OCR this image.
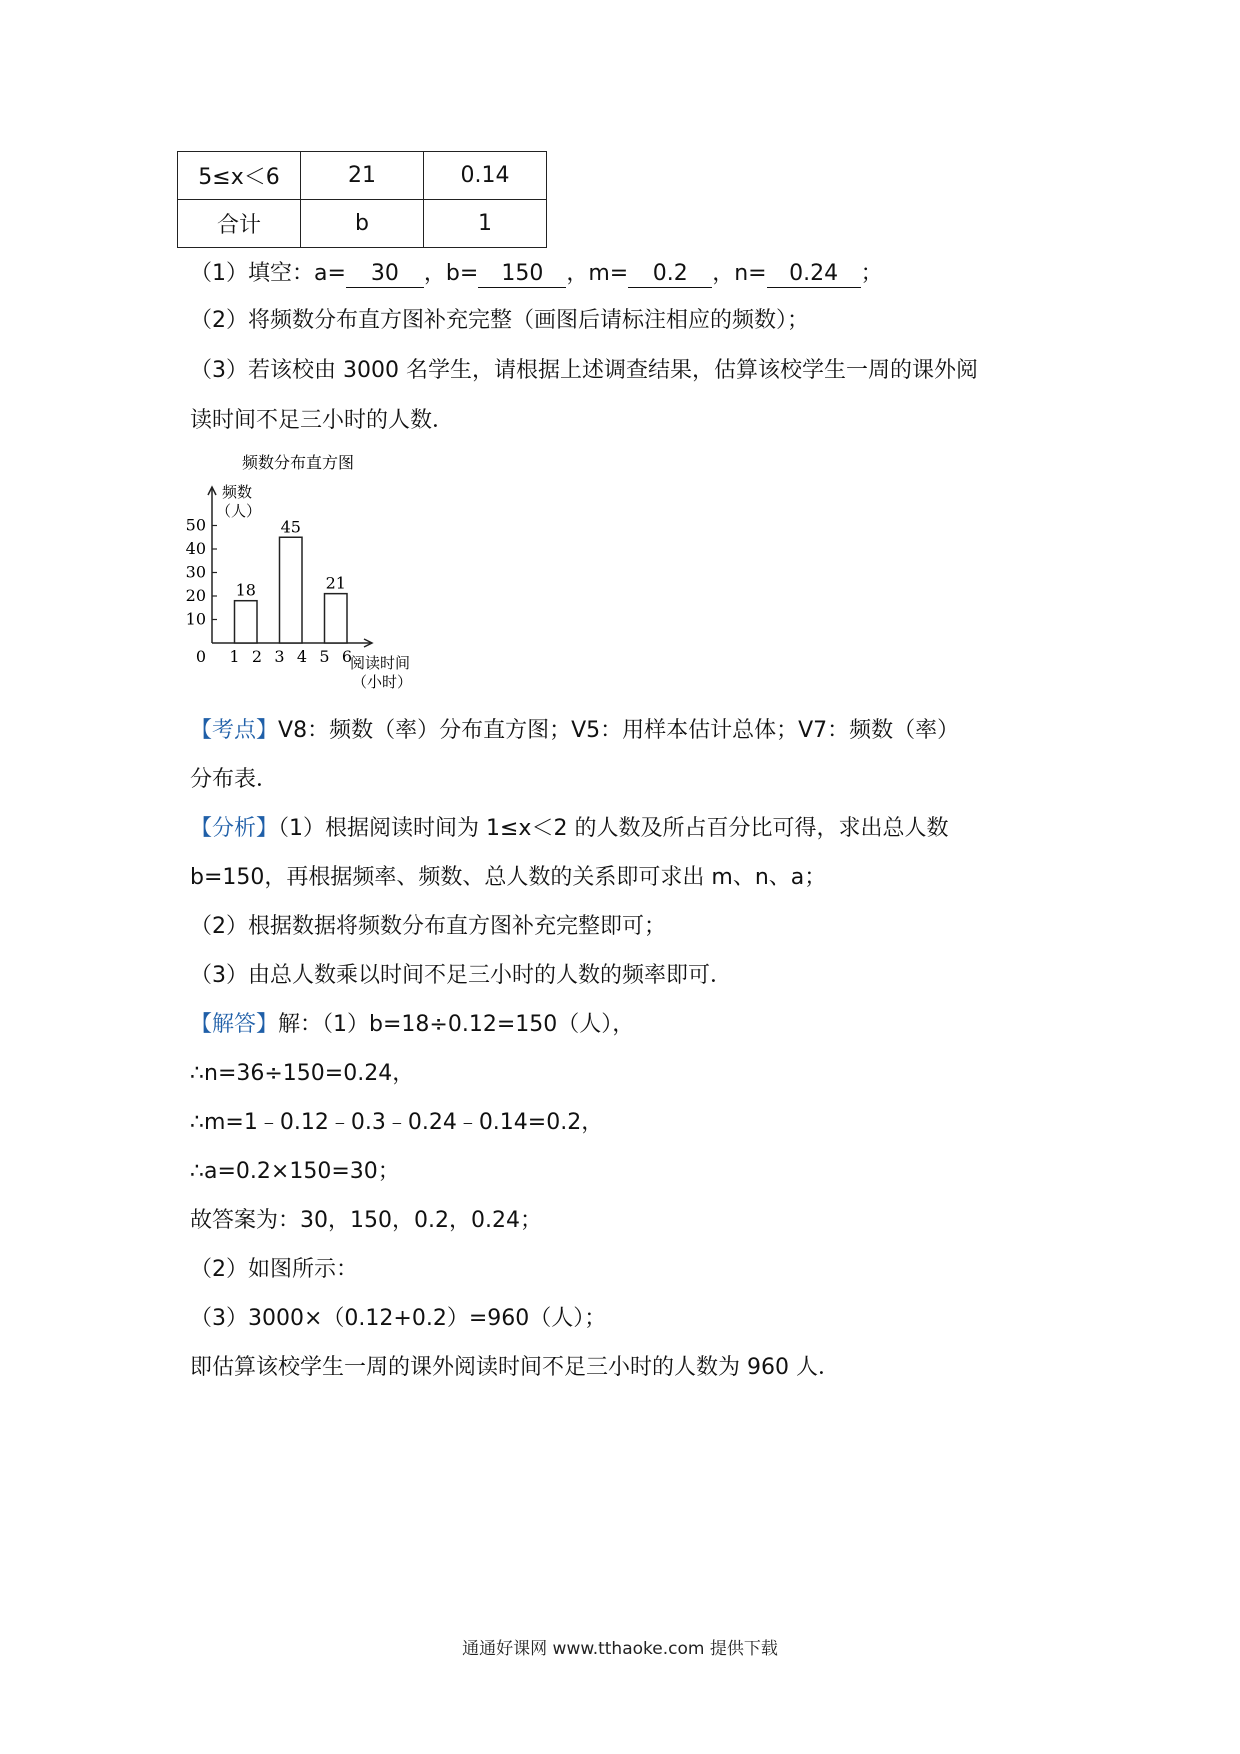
5≤x＜6	21	0.14
合计	b	1
（1）填空：a= 30 ，b= 150 ，m= 0.2 ，n= 0.24 ；
（2）将频数分布直方图补充完整（画图后请标注相应的频数）；
（3）若该校由 3000 名学生，请根据上述调查结果，估算该校学生一周的课外阅
读时间不足三小时的人数．
频数分布直方图
频数
（人）
阅读时间
（小时）
0
10
20
30
40
50
1 2 3 4 5 6
18
45
21
【考点】V8：频数（率）分布直方图；V5：用样本估计总体；V7：频数（率）
分布表．
【分析】（1）根据阅读时间为 1≤x＜2 的人数及所占百分比可得，求出总人数
b=150，再根据频率、频数、总人数的关系即可求出 m、n、a；
（2）根据数据将频数分布直方图补充完整即可；
（3）由总人数乘以时间不足三小时的人数的频率即可．
【解答】解：（1）b=18÷0.12=150（人），
∴n=36÷150=0.24，
∴m=1﹣0.12﹣0.3﹣0.24﹣0.14=0.2，
∴a=0.2×150=30；
故答案为：30，150，0.2，0.24；
（2）如图所示：
（3）3000×（0.12+0.2）=960（人）；
即估算该校学生一周的课外阅读时间不足三小时的人数为 960 人．
通通好课网 www.tthaoke.com 提供下载
